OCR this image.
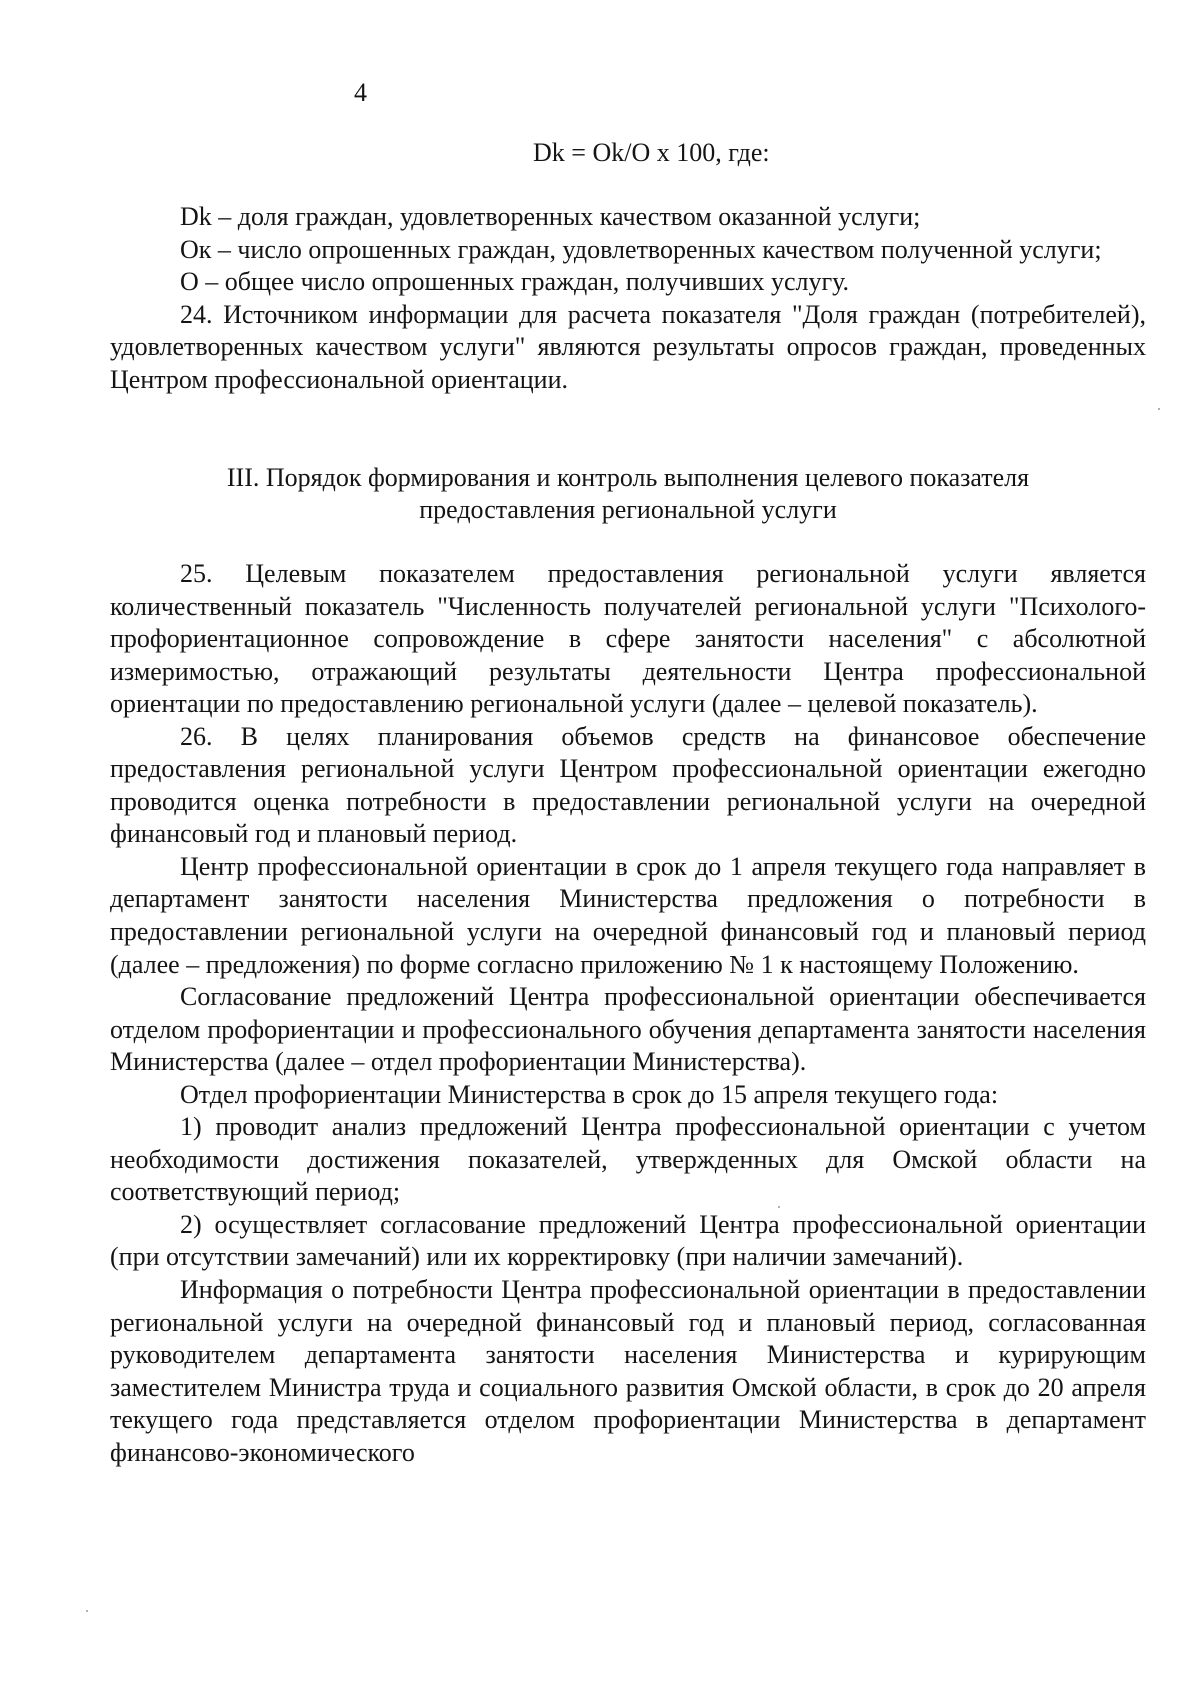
4
Dk = Ok/O x 100, где:

Dk – доля граждан, удовлетворенных качеством оказанной услуги;

Ок – число опрошенных граждан, удовлетворенных качеством полученной услуги;

О – общее число опрошенных граждан, получивших услугу.

24. Источником информации для расчета показателя "Доля граждан (потребителей), удовлетворенных качеством услуги" являются результаты опросов граждан, проведенных Центром профессиональной ориентации.

III. Порядок формирования и контроль выполнения целевого показателя

предоставления региональной услуги

25. Целевым показателем предоставления региональной услуги является количественный показатель "Численность получателей региональной услуги "Психолого-профориентационное сопровождение в сфере занятости населения" с абсолютной измеримостью, отражающий результаты деятельности Центра профессиональной ориентации по предоставлению региональной услуги (далее – целевой показатель).

26. В целях планирования объемов средств на финансовое обеспечение предоставления региональной услуги Центром профессиональной ориентации ежегодно проводится оценка потребности в предоставлении региональной услуги на очередной финансовый год и плановый период.

Центр профессиональной ориентации в срок до 1 апреля текущего года направляет в департамент занятости населения Министерства предложения о потребности в предоставлении региональной услуги на очередной финансовый год и плановый период (далее – предложения) по форме согласно приложению № 1 к настоящему Положению.

Согласование предложений Центра профессиональной ориентации обеспечивается отделом профориентации и профессионального обучения департамента занятости населения Министерства (далее – отдел профориентации Министерства).

Отдел профориентации Министерства в срок до 15 апреля текущего года:

1) проводит анализ предложений Центра профессиональной ориентации с учетом необходимости достижения показателей, утвержденных для Омской области на соответствующий период;

2) осуществляет согласование предложений Центра профессиональной ориентации (при отсутствии замечаний) или их корректировку (при наличии замечаний).

Информация о потребности Центра профессиональной ориентации в предоставлении региональной услуги на очередной финансовый год и плановый период, согласованная руководителем департамента занятости населения Министерства и курирующим заместителем Министра труда и социального развития Омской области, в срок до 20 апреля текущего года представляется отделом профориентации Министерства в департамент финансово-экономического
